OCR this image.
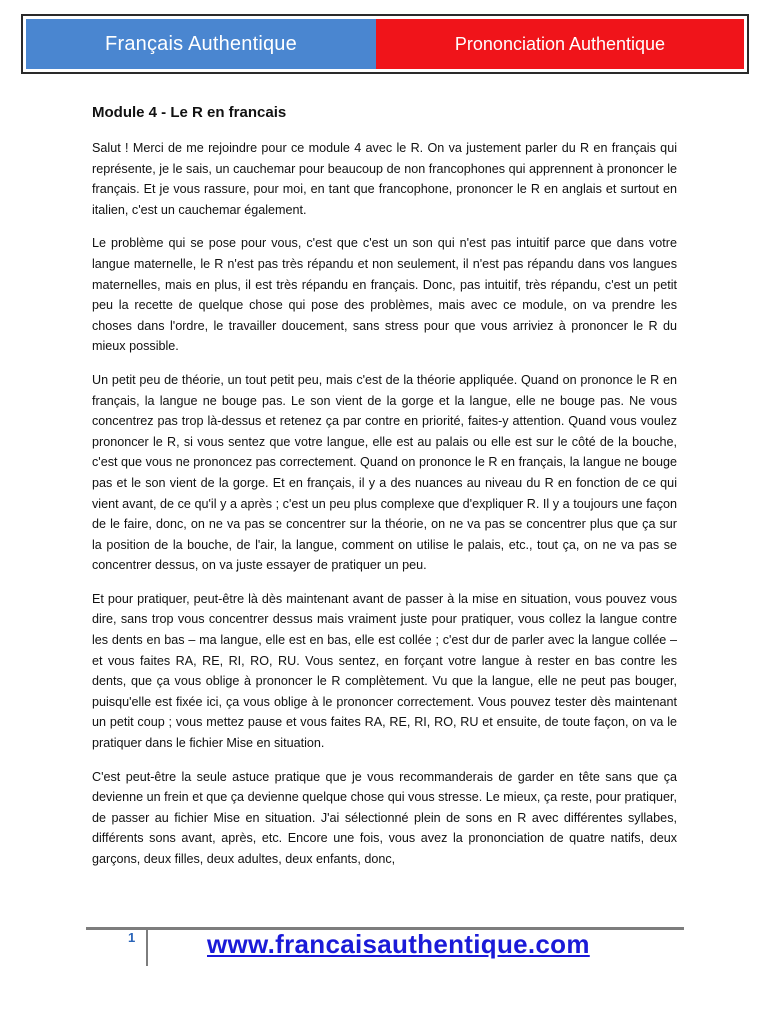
Français Authentique	Prononciation Authentique
Module 4 - Le R en francais

Salut ! Merci de me rejoindre pour ce module 4 avec le R. On va justement parler du R en français qui représente, je le sais, un cauchemar pour beaucoup de non francophones qui apprennent à prononcer le français. Et je vous rassure, pour moi, en tant que francophone, prononcer le R en anglais et surtout en italien, c'est un cauchemar également.

Le problème qui se pose pour vous, c'est que c'est un son qui n'est pas intuitif parce que dans votre langue maternelle, le R n'est pas très répandu et non seulement, il n'est pas répandu dans vos langues maternelles, mais en plus, il est très répandu en français. Donc, pas intuitif, très répandu, c'est un petit peu la recette de quelque chose qui pose des problèmes, mais avec ce module, on va prendre les choses dans l'ordre, le travailler doucement, sans stress pour que vous arriviez à prononcer le R du mieux possible.

Un petit peu de théorie, un tout petit peu, mais c'est de la théorie appliquée. Quand on prononce le R en français, la langue ne bouge pas. Le son vient de la gorge et la langue, elle ne bouge pas. Ne vous concentrez pas trop là-dessus et retenez ça par contre en priorité, faites-y attention. Quand vous voulez prononcer le R, si vous sentez que votre langue, elle est au palais ou elle est sur le côté de la bouche, c'est que vous ne prononcez pas correctement. Quand on prononce le R en français, la langue ne bouge pas et le son vient de la gorge. Et en français, il y a des nuances au niveau du R en fonction de ce qui vient avant, de ce qu'il y a après ; c'est un peu plus complexe que d'expliquer R. Il y a toujours une façon de le faire, donc, on ne va pas se concentrer sur la théorie, on ne va pas se concentrer plus que ça sur la position de la bouche, de l'air, la langue, comment on utilise le palais, etc., tout ça, on ne va pas se concentrer dessus, on va juste essayer de pratiquer un peu.

Et pour pratiquer, peut-être là dès maintenant avant de passer à la mise en situation, vous pouvez vous dire, sans trop vous concentrer dessus mais vraiment juste pour pratiquer, vous collez la langue contre les dents en bas – ma langue, elle est en bas, elle est collée ; c'est dur de parler avec la langue collée – et vous faites RA, RE, RI, RO, RU. Vous sentez, en forçant votre langue à rester en bas contre les dents, que ça vous oblige à prononcer le R complètement. Vu que la langue, elle ne peut pas bouger, puisqu'elle est fixée ici, ça vous oblige à le prononcer correctement. Vous pouvez tester dès maintenant un petit coup ; vous mettez pause et vous faites RA, RE, RI, RO, RU et ensuite, de toute façon, on va le pratiquer dans le fichier Mise en situation.

C'est peut-être la seule astuce pratique que je vous recommanderais de garder en tête sans que ça devienne un frein et que ça devienne quelque chose qui vous stresse. Le mieux, ça reste, pour pratiquer, de passer au fichier Mise en situation. J'ai sélectionné plein de sons en R avec différentes syllabes, différents sons avant, après, etc. Encore une fois, vous avez la prononciation de quatre natifs, deux garçons, deux filles, deux adultes, deux enfants, donc,

1	www.francaisauthentique.com
